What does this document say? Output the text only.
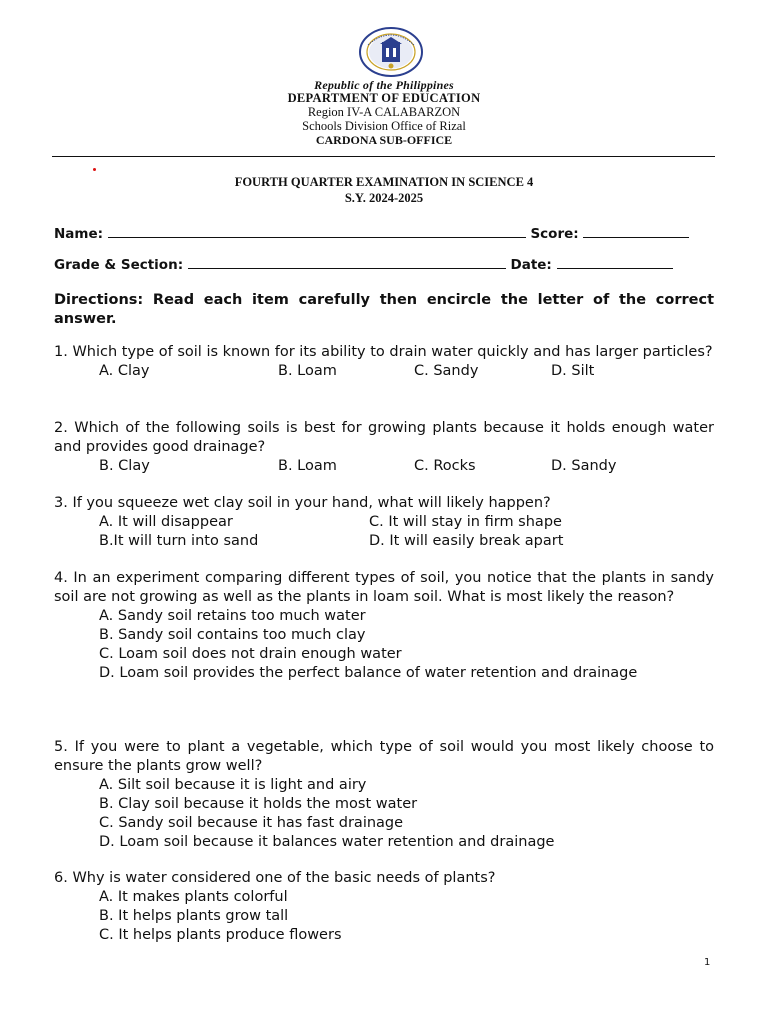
Republic of the Philippines
DEPARTMENT OF EDUCATION
Region IV-A CALABARZON
Schools Division Office of Rizal
CARDONA SUB-OFFICE
FOURTH QUARTER EXAMINATION IN SCIENCE 4
S.Y. 2024-2025
Name:	Score:
Grade & Section:	Date:
Directions: Read each item carefully then encircle the letter of the correct answer.
1. Which type of soil is known for its ability to drain water quickly and has larger particles?
A. Clay	B. Loam	C. Sandy	D. Silt
2. Which of the following soils is best for growing plants because it holds enough water and provides good drainage?
B. Clay	B. Loam	C. Rocks	D. Sandy
3. If you squeeze wet clay soil in your hand, what will likely happen?
A. It will disappear	C. It will stay in firm shape
B.It will turn into sand	D. It will easily break apart
4. In an experiment comparing different types of soil, you notice that the plants in sandy soil are not growing as well as the plants in loam soil. What is most likely the reason?
A. Sandy soil retains too much water
B. Sandy soil contains too much clay
C. Loam soil does not drain enough water
D. Loam soil provides the perfect balance of water retention and drainage
5. If you were to plant a vegetable, which type of soil would you most likely choose to ensure the plants grow well?
A. Silt soil because it is light and airy
B. Clay soil because it holds the most water
C. Sandy soil because it has fast drainage
D. Loam soil because it balances water retention and drainage
6. Why is water considered one of the basic needs of plants?
A. It makes plants colorful
B. It helps plants grow tall
C. It helps plants produce flowers
1
